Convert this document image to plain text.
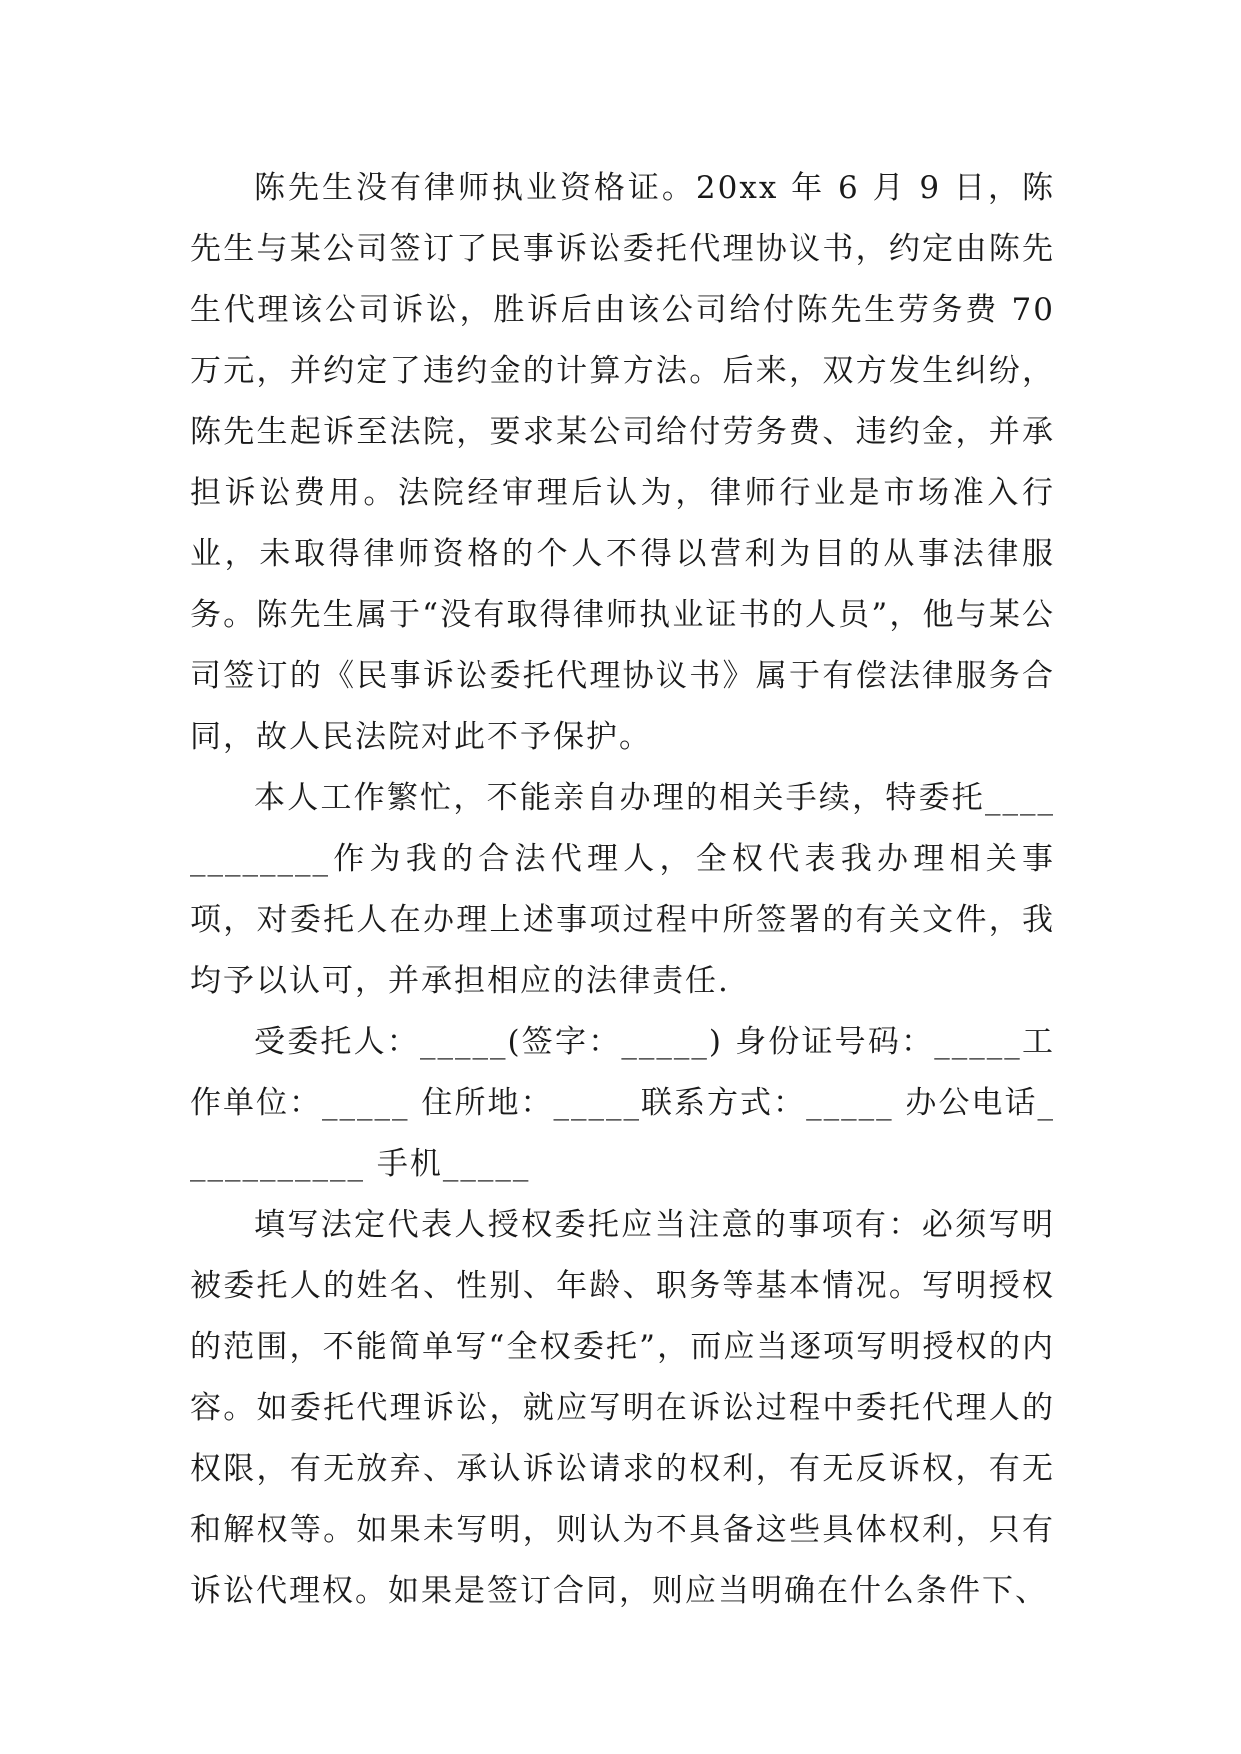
陈先生没有律师执业资格证。20xx 年 6 月 9 日，陈先生与某公司签订了民事诉讼委托代理协议书，约定由陈先生代理该公司诉讼，胜诉后由该公司给付陈先生劳务费 70 万元，并约定了违约金的计算方法。后来，双方发生纠纷，陈先生起诉至法院，要求某公司给付劳务费、违约金，并承担诉讼费用。法院经审理后认为，律师行业是市场准入行业，未取得律师资格的个人不得以营利为目的从事法律服务。陈先生属于“没有取得律师执业证书的人员”，他与某公司签订的《民事诉讼委托代理协议书》属于有偿法律服务合同，故人民法院对此不予保护。

本人工作繁忙，不能亲自办理的相关手续，特委托____________作为我的合法代理人，全权代表我办理相关事项，对委托人在办理上述事项过程中所签署的有关文件，我均予以认可，并承担相应的法律责任.

受委托人：_____(签字：_____) 身份证号码：_____工作单位：_____ 住所地：_____联系方式：_____ 办公电话___________ 手机_____

填写法定代表人授权委托应当注意的事项有：必须写明被委托人的姓名、性别、年龄、职务等基本情况。写明授权的范围，不能简单写“全权委托”，而应当逐项写明授权的内容。如委托代理诉讼，就应写明在诉讼过程中委托代理人的权限，有无放弃、承认诉讼请求的权利，有无反诉权，有无和解权等。如果未写明，则认为不具备这些具体权利，只有诉讼代理权。如果是签订合同，则应当明确在什么条件下、
